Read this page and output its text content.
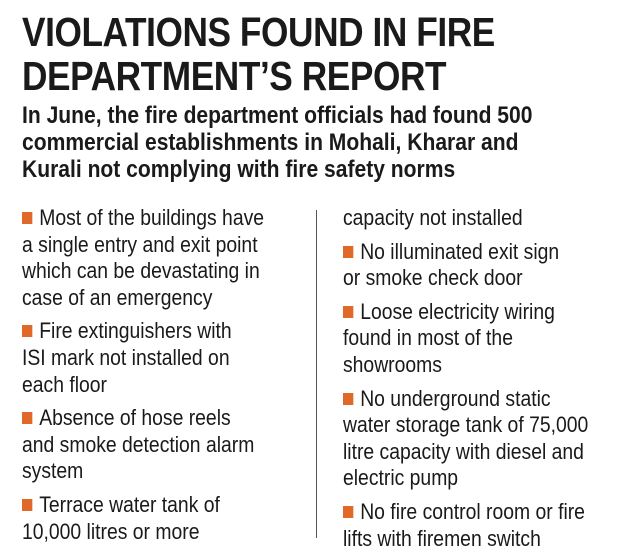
VIOLATIONS FOUND IN FIRE
DEPARTMENT’S REPORT
In June, the fire department officials had found 500
commercial establishments in Mohali, Kharar and
Kurali not complying with fire safety norms
Most of the buildings have
a single entry and exit point
which can be devastating in
case of an emergency
Fire extinguishers with
ISI mark not installed on
each floor
Absence of hose reels
and smoke detection alarm
system
Terrace water tank of
10,000 litres or more
capacity not installed
No illuminated exit sign
or smoke check door
Loose electricity wiring
found in most of the
showrooms
No underground static
water storage tank of 75,000
litre capacity with diesel and
electric pump
No fire control room or fire
lifts with firemen switch
